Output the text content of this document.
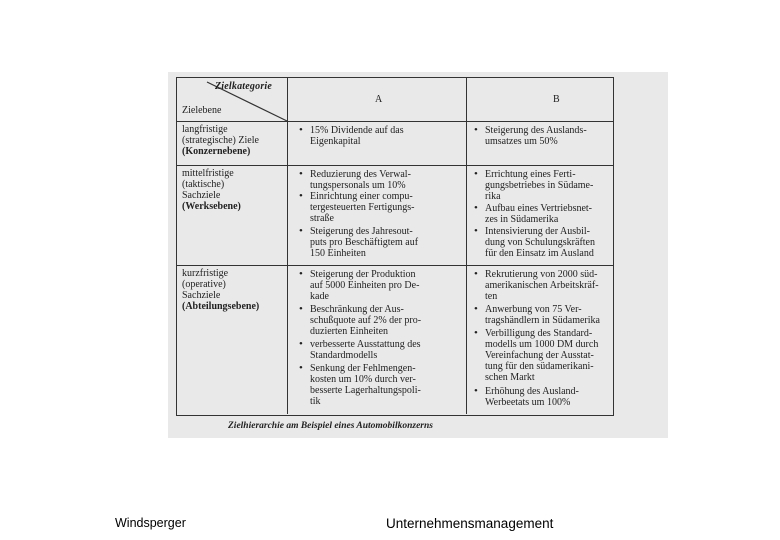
Zielkategorie
Zielebene
A	B
langfristige
(strategische) Ziele
(Konzernebene)
• 15% Dividende auf das
Eigenkapital
• Steigerung des Auslands-
umsatzes um 50%
mittelfristige
(taktische)
Sachziele
(Werksebene)
• Reduzierung des Verwal-
tungspersonals um 10%
• Einrichtung einer compu-
tergesteuerten Fertigungs-
straße
• Steigerung des Jahresout-
puts pro Beschäftigtem auf
150 Einheiten
• Errichtung eines Ferti-
gungsbetriebes in Südame-
rika
• Aufbau eines Vertriebsnet-
zes in Südamerika
• Intensivierung der Ausbil-
dung von Schulungskräften
für den Einsatz im Ausland
kurzfristige
(operative)
Sachziele
(Abteilungsebene)
• Steigerung der Produktion
auf 5000 Einheiten pro De-
kade
• Beschränkung der Aus-
schußquote auf 2% der pro-
duzierten Einheiten
• verbesserte Ausstattung des
Standardmodells
• Senkung der Fehlmengen-
kosten um 10% durch ver-
besserte Lagerhaltungspoli-
tik
• Rekrutierung von 2000 süd-
amerikanischen Arbeitskräf-
ten
• Anwerbung von 75 Ver-
tragshändlern in Südamerika
• Verbilligung des Standard-
modells um 1000 DM durch
Vereinfachung der Ausstat-
tung für den südamerikani-
schen Markt
• Erhöhung des Ausland-
Werbeetats um 100%
Zielhierarchie am Beispiel eines Automobilkonzerns
Windsperger	Unternehmensmanagement
